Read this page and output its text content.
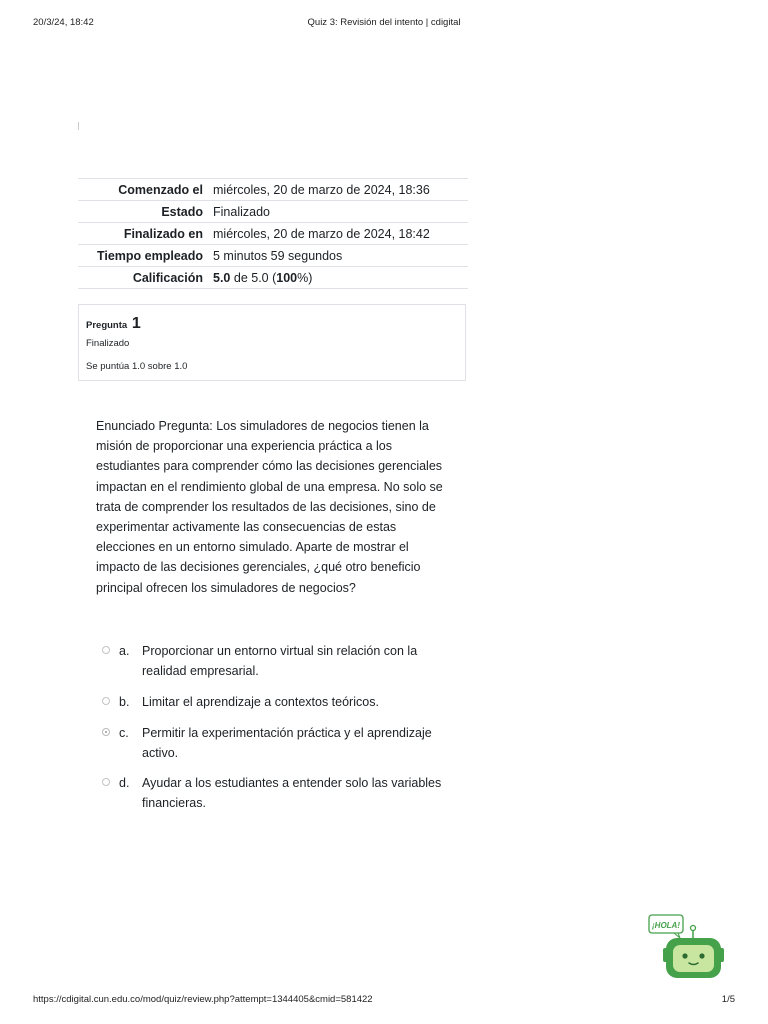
20/3/24, 18:42	Quiz 3: Revisión del intento | cdigital
Comenzado el	miércoles, 20 de marzo de 2024, 18:36
Estado	Finalizado
Finalizado en	miércoles, 20 de marzo de 2024, 18:42
Tiempo empleado	5 minutos 59 segundos
Calificación	5.0 de 5.0 (100%)
Pregunta 1
Finalizado
Se puntúa 1.0 sobre 1.0

Enunciado Pregunta: Los simuladores de negocios tienen la misión de proporcionar una experiencia práctica a los estudiantes para comprender cómo las decisiones gerenciales impactan en el rendimiento global de una empresa. No solo se trata de comprender los resultados de las decisiones, sino de experimentar activamente las consecuencias de estas elecciones en un entorno simulado. Aparte de mostrar el impacto de las decisiones gerenciales, ¿qué otro beneficio principal ofrecen los simuladores de negocios?

a. Proporcionar un entorno virtual sin relación con la realidad empresarial.
b. Limitar el aprendizaje a contextos teóricos.
c. Permitir la experimentación práctica y el aprendizaje activo.
d. Ayudar a los estudiantes a entender solo las variables financieras.
¡HOLA!
https://cdigital.cun.edu.co/mod/quiz/review.php?attempt=1344405&cmid=581422	1/5
